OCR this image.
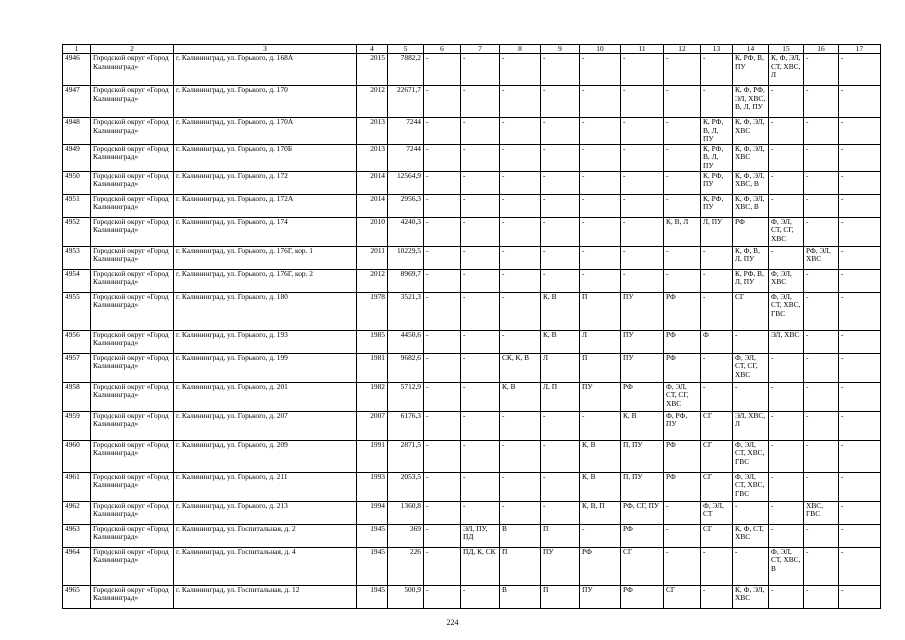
1	2	3	4	5	6	7	8	9	10	11	12	13	14	15	16	17
4946	Городской округ «Город Калининград»	г. Калининград, ул. Горького, д. 168А	2015	7882,2	-	-	-	-	-	-	-	-	К, РФ, В, ПУ	К, Ф, ЭЛ, СТ, ХВС, Л	-	-
4947	Городской округ «Город Калининград»	г. Калининград, ул. Горького, д. 170	2012	22671,7	-	-	-	-	-	-	-	-	К, Ф, РФ, ЭЛ, ХВС, В, Л, ПУ	-	-	-
4948	Городской округ «Город Калининград»	г. Калининград, ул. Горького, д. 170А	2013	7244	-	-	-	-	-	-	-	К, РФ, В, Л, ПУ	К, Ф, ЭЛ, ХВС	-	-	-
4949	Городской округ «Город Калининград»	г. Калининград, ул. Горького, д. 170Б	2013	7244	-	-	-	-	-	-	-	К, РФ, В, Л, ПУ	К, Ф, ЭЛ, ХВС	-	-	-
4950	Городской округ «Город Калининград»	г. Калининград, ул. Горького, д. 172	2014	12564,9	-	-	-	-	-	-	-	К, РФ, ПУ	К, Ф, ЭЛ, ХВС, В	-	-	-
4951	Городской округ «Город Калининград»	г. Калининград, ул. Горького, д. 172А	2014	2956,3	-	-	-	-	-	-	-	К, РФ, ПУ	К, Ф, ЭЛ, ХВС, В	-	-	-
4952	Городской округ «Город Калининград»	г. Калининград, ул. Горького, д. 174	2010	4240,3	-	-	-	-	-	-	К, В, Л	Л, ПУ	РФ	Ф, ЭЛ, СТ, СГ, ХВС	-	-
4953	Городской округ «Город Калининград»	г. Калининград, ул. Горького, д. 176Г, кор. 1	2011	10229,5	-	-	-	-	-	-	-	-	К, Ф, В, Л, ПУ	-	РФ, ЭЛ, ХВС	-
4954	Городской округ «Город Калининград»	г. Калининград, ул. Горького, д. 176Г, кор. 2	2012	8969,7	-	-	-	-	-	-	-	-	К, РФ, В, Л, ПУ	Ф, ЭЛ, ХВС	-	-
4955	Городской округ «Город Калининград»	г. Калининград, ул. Горького, д. 180	1978	3521,3	-	-	-	К, В	П	ПУ	РФ	-	СГ	Ф, ЭЛ, СТ, ХВС, ГВС	-	-
4956	Городской округ «Город Калининград»	г. Калининград, ул. Горького, д. 193	1985	4450,6	-	-	-	К, В	Л	ПУ	РФ	Ф	-	ЭЛ, ХВС	-	-
4957	Городской округ «Город Калининград»	г. Калининград, ул. Горького, д. 199	1981	9682,6	-	-	СК, К, В	Л	П	ПУ	РФ	-	Ф, ЭЛ, СТ, СГ, ХВС	-	-	-
4958	Городской округ «Город Калининград»	г. Калининград, ул. Горького, д. 201	1982	5712,9	-	-	К, В	Л, П	ПУ	РФ	Ф, ЭЛ, СТ, СГ, ХВС	-	-	-	-	-
4959	Городской округ «Город Калининград»	г. Калининград, ул. Горького, д. 207	2007	6176,3	-	-	-	-	-	К, В	Ф, РФ, ПУ	СГ	ЭЛ, ХВС, Л	-	-	-
4960	Городской округ «Город Калининград»	г. Калининград, ул. Горького, д. 209	1991	2871,5	-	-	-	-	К, В	П, ПУ	РФ	СГ	Ф, ЭЛ, СТ, ХВС, ГВС	-	-	-
4961	Городской округ «Город Калининград»	г. Калининград, ул. Горького, д. 211	1993	2053,5	-	-	-	-	К, В	П, ПУ	РФ	СГ	Ф, ЭЛ, СТ, ХВС, ГВС	-	-	-
4962	Городской округ «Город Калининград»	г. Калининград, ул. Горького, д. 213	1994	1360,8	-	-	-	-	К, В, П	РФ, СГ, ПУ	-	Ф, ЭЛ, СТ	-	-	ХВС, ГВС	-
4963	Городской округ «Город Калининград»	г. Калининград, ул. Госпитальная, д. 2	1945	369	-	ЭЛ, ПУ, ПД	В	П	-	РФ	-	СГ	К, Ф, СТ, ХВС	-	-	-
4964	Городской округ «Город Калининград»	г. Калининград, ул. Госпитальная, д. 4	1945	226	-	ПД, К, СК	П	ПУ	РФ	СГ	-	-	-	Ф, ЭЛ, СТ, ХВС, В	-	-
4965	Городской округ «Город Калининград»	г. Калининград, ул. Госпитальная, д. 12	1945	500,9	-	-	В	П	ПУ	РФ	СГ	-	К, Ф, ЭЛ, ХВС	-	-	-
224
